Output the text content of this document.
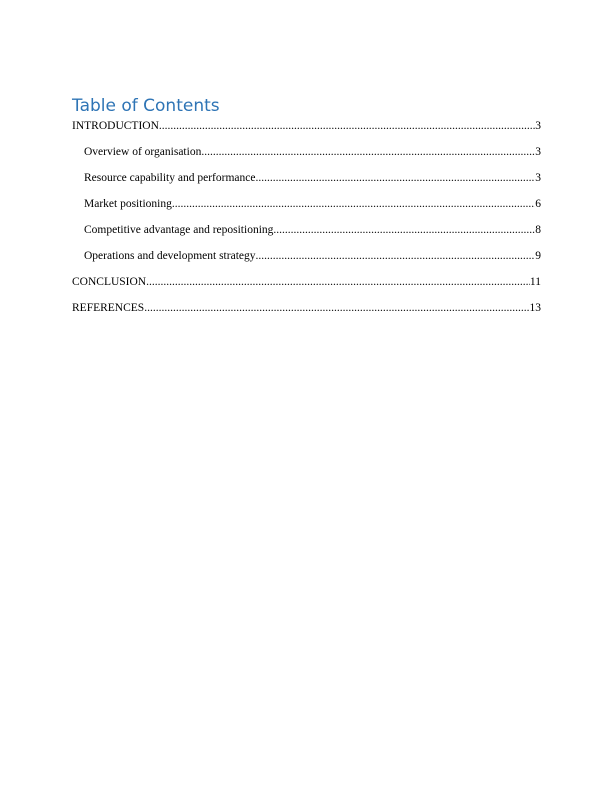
Table of Contents
INTRODUCTION .....	3
Overview of organisation .....	3
Resource capability and performance .....	3
Market positioning .....	6
Competitive advantage and repositioning .....	8
Operations and development strategy .....	9
CONCLUSION .....	11
REFERENCES .....	13
